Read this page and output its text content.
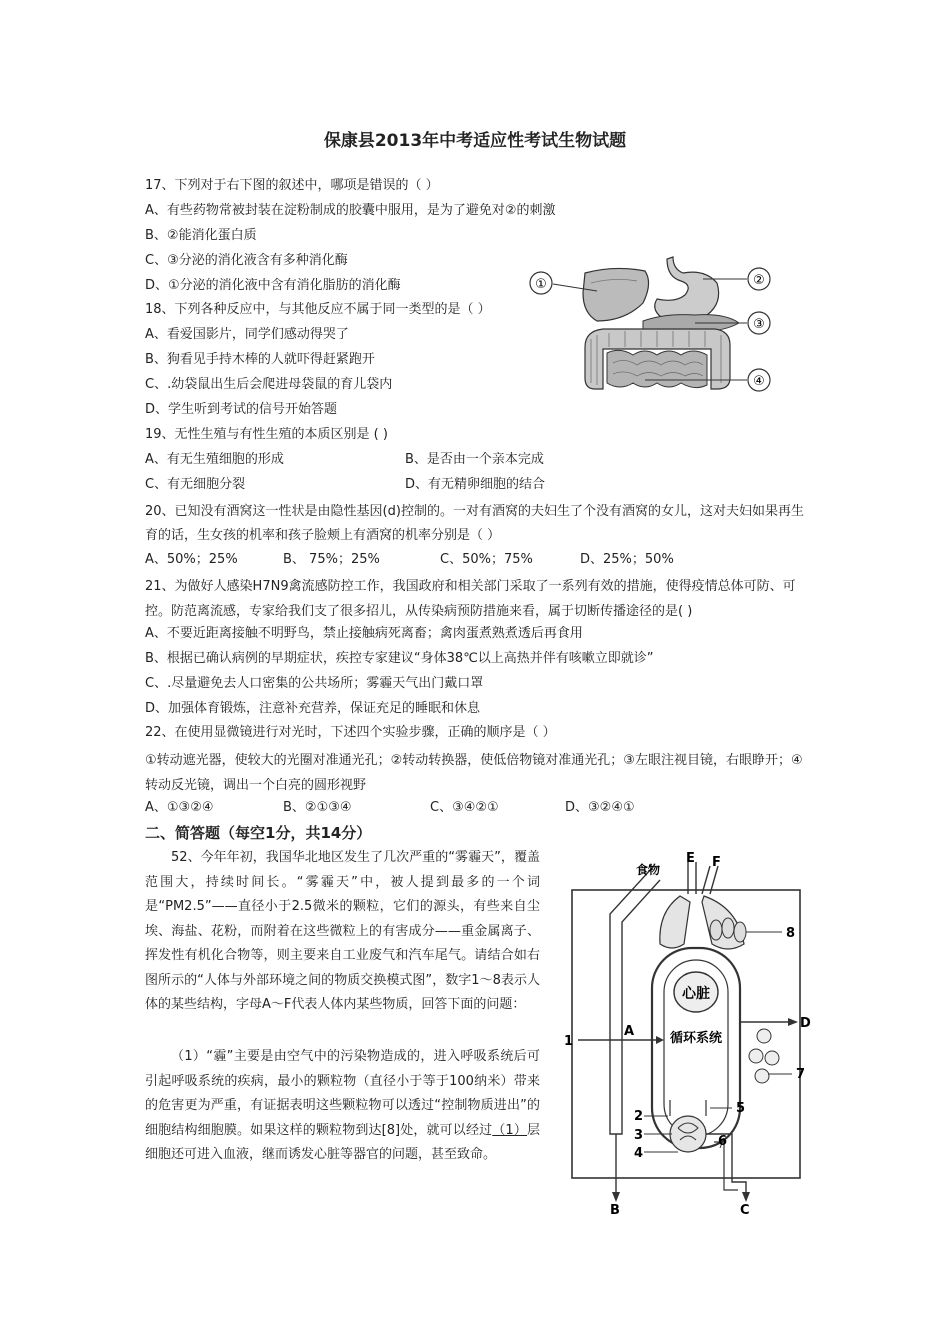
保康县2013年中考适应性考试生物试题
17、下列对于右下图的叙述中，哪项是错误的（ ）
A、有些药物常被封装在淀粉制成的胶囊中服用，是为了避免对②的刺激
B、②能消化蛋白质
C、③分泌的消化液含有多种消化酶
D、①分泌的消化液中含有消化脂肪的消化酶
18、下列各种反应中，与其他反应不属于同一类型的是（ ）
A、看爱国影片，同学们感动得哭了
B、狗看见手持木棒的人就吓得赶紧跑开
C、.幼袋鼠出生后会爬进母袋鼠的育儿袋内
D、学生听到考试的信号开始答题
19、无性生殖与有性生殖的本质区别是 ( )
A、有无生殖细胞的形成	B、是否由一个亲本完成
C、有无细胞分裂	D、有无精卵细胞的结合
20、已知没有酒窝这一性状是由隐性基因(d)控制的。一对有酒窝的夫妇生了个没有酒窝的女儿，这对夫妇如果再生育的话，生女孩的机率和孩子脸颊上有酒窝的机率分别是（ ）
A、50%；25%	B、 75%；25%	C、50%；75%	D、25%；50%
21、为做好人感染H7N9禽流感防控工作，我国政府和相关部门采取了一系列有效的措施，使得疫情总体可防、可控。防范离流感，专家给我们支了很多招儿，从传染病预防措施来看，属于切断传播途径的是( )
A、不要近距离接触不明野鸟，禁止接触病死离畜；禽肉蛋煮熟煮透后再食用
B、根据已确认病例的早期症状，疾控专家建议“身体38℃以上高热并伴有咳嗽立即就诊”
C、.尽量避免去人口密集的公共场所；雾霾天气出门戴口罩
D、加强体育锻炼，注意补充营养，保证充足的睡眠和休息
22、在使用显微镜进行对光时，下述四个实验步骤，正确的顺序是（ ）
①转动遮光器，使较大的光圈对准通光孔；②转动转换器，使低倍物镜对准通光孔；③左眼注视目镜，右眼睁开；④转动反光镜，调出一个白亮的圆形视野
A、①③②④	B、②①③④	C、③④②①	D、③②④①
二、简答题（每空1分，共14分）
52、今年年初，我国华北地区发生了几次严重的“雾霾天”，覆盖范围大，持续时间长。“雾霾天”中，被人提到最多的一个词是“PM2.5”——直径小于2.5微米的颗粒，它们的源头，有些来自尘埃、海盐、花粉，而附着在这些微粒上的有害成分——重金属离子、挥发性有机化合物等，则主要来自工业废气和汽车尾气。请结合如右图所示的“人体与外部环境之间的物质交换模式图”，数字1～8表示人体的某些结构，字母A～F代表人体内某些物质，回答下面的问题：
（1）“霾”主要是由空气中的污染物造成的，进入呼吸系统后可引起呼吸系统的疾病，最小的颗粒物（直径小于等于100纳米）带来的危害更为严重，有证据表明这些颗粒物可以透过“控制物质进出”的细胞结构细胞膜。如果这样的颗粒物到达[8]处，就可以经过（1）层细胞还可进入血液，继而诱发心脏等器官的问题，甚至致命。
①	②
③
④
心脏
循环系统
食物
1
2
3
4
5
6
7
8
A
B	C
D
E F
